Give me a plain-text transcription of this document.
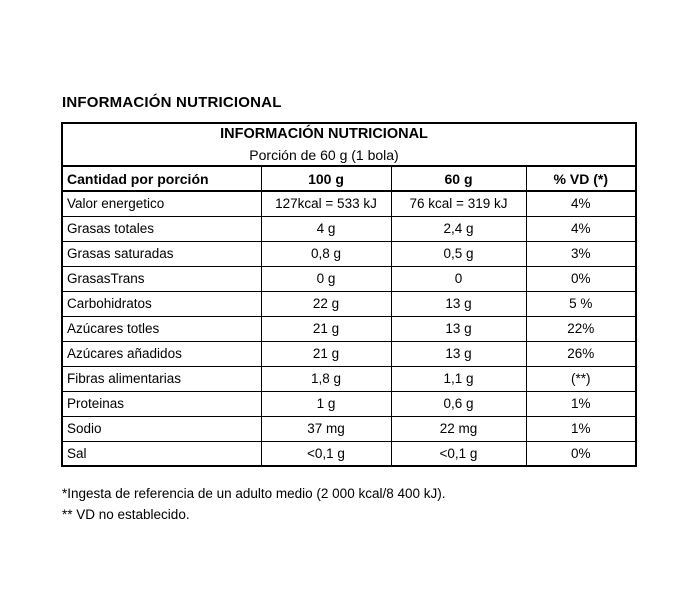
INFORMACIÓN NUTRICIONAL
INFORMACIÓN NUTRICIONAL
Porción de 60 g (1 bola)			

Cantidad por porción	100 g	60 g	% VD (*)
Valor energetico	127kcal = 533 kJ	76 kcal = 319 kJ	4%
Grasas totales	4 g	2,4 g	4%
Grasas saturadas	0,8 g	0,5 g	3%
GrasasTrans	0 g	0	0%
Carbohidratos	22 g	13 g	5 %
Azúcares totles	21 g	13 g	22%
Azúcares añadidos	21 g	13 g	26%
Fibras alimentarias	1,8 g	1,1 g	(**)
Proteinas	1 g	0,6 g	1%
Sodio	37 mg	22 mg	1%
Sal	<0,1 g	<0,1 g	0%
*Ingesta de referencia de un adulto medio (2 000 kcal/8 400 kJ).
** VD no establecido.
